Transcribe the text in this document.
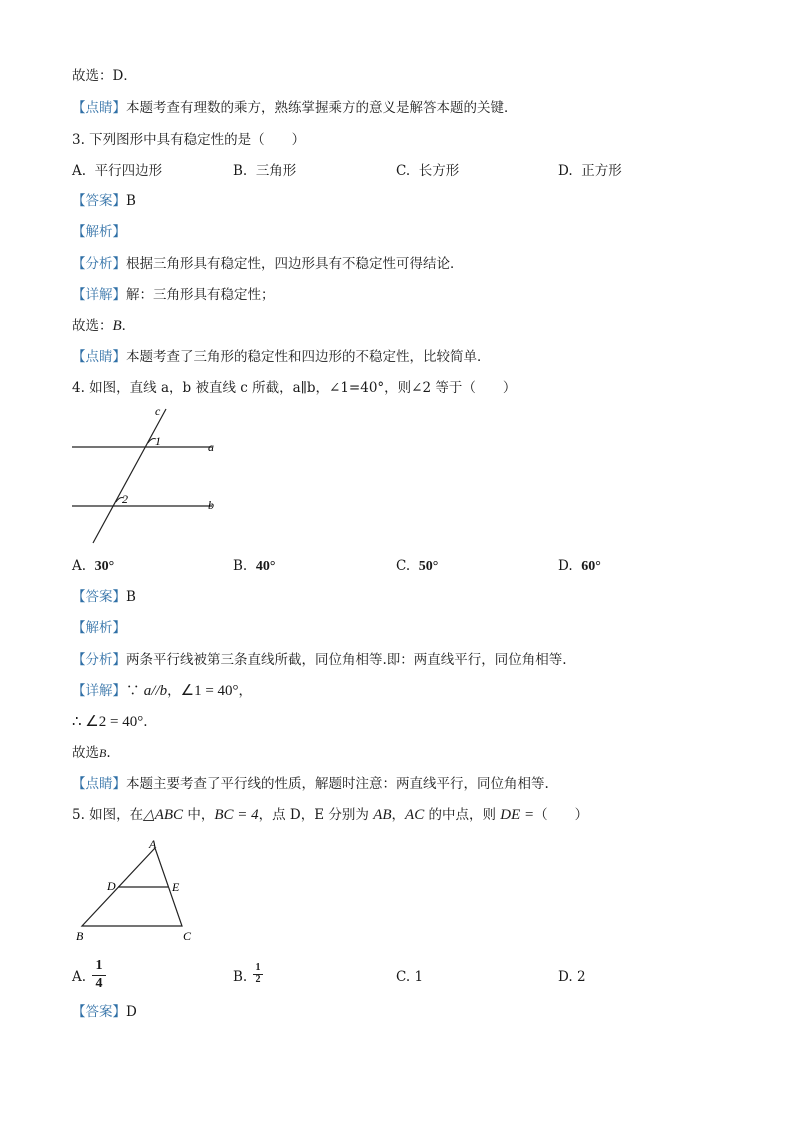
故选：D．
【点睛】本题考查有理数的乘方，熟练掌握乘方的意义是解答本题的关键．
3. 下列图形中具有稳定性的是（　　）
A. 平行四边形	B. 三角形	C. 长方形	D. 正方形
【答案】B
【解析】
【分析】根据三角形具有稳定性，四边形具有不稳定性可得结论．
【详解】解：三角形具有稳定性；
故选：B．
【点睛】本题考查了三角形的稳定性和四边形的不稳定性，比较简单．
4. 如图，直线 a，b 被直线 c 所截，a∥b，∠1=40°，则∠2 等于（　　）
c
a
b
1
2
A. 30°	B. 40°	C. 50°	D. 60°
【答案】B
【解析】
【分析】两条平行线被第三条直线所截，同位角相等.即：两直线平行，同位角相等.
【详解】∵ a//b，∠1 = 40°，
∴ ∠2 = 40°.
故选B.
【点睛】本题主要考查了平行线的性质，解题时注意：两直线平行，同位角相等.
5. 如图，在△ABC 中，BC = 4，点 D，E 分别为 AB，AC 的中点，则 DE =（　　）
A
B	C
D	E
A. $\frac{1}{4}$	B. $\frac{1}{2}$	C. 1	D. 2
【答案】D
